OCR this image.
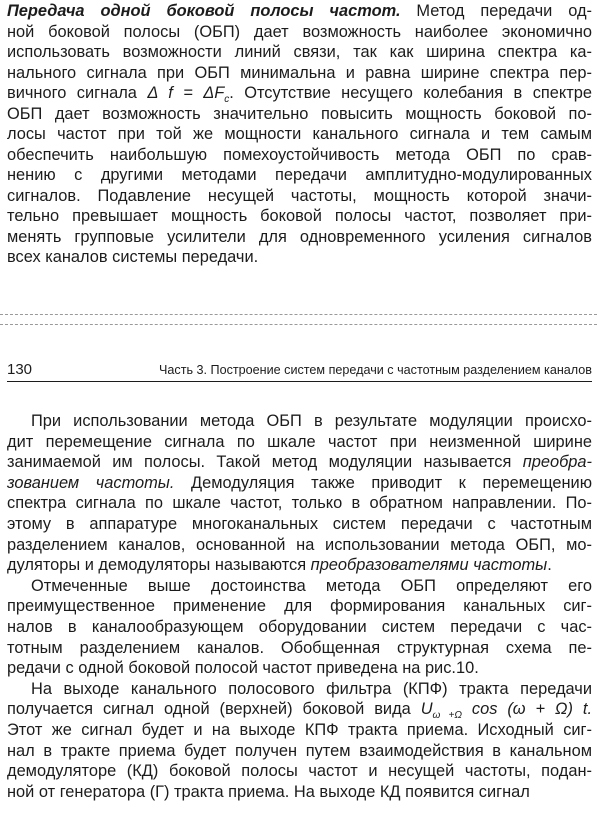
Передача одной боковой полосы частот. Метод передачи од-
ной боковой полосы (ОБП) дает возможность наиболее экономично
использовать возможности линий связи, так как ширина спектра ка-
нального сигнала при ОБП минимальна и равна ширине спектра пер-
вичного сигнала Δ $f = \Delta F_c$. Отсутствие несущего колебания в спектре
ОБП дает возможность значительно повысить мощность боковой по-
лосы частот при той же мощности канального сигнала и тем самым
обеспечить наибольшую помехоустойчивость метода ОБП по срав-
нению с другими методами передачи амплитудно-модулированных
сигналов. Подавление несущей частоты, мощность которой значи-
тельно превышает мощность боковой полосы частот, позволяет при-
менять групповые усилители для одновременного усиления сигналов
всех каналов системы передачи.
130	Часть 3. Построение систем передачи с частотным разделением каналов
При использовании метода ОБП в результате модуляции происхо-
дит перемещение сигнала по шкале частот при неизменной ширине
занимаемой им полосы. Такой метод модуляции называется преобра-
зованием частоты. Демодуляция также приводит к перемещению
спектра сигнала по шкале частот, только в обратном направлении. По-
этому в аппаратуре многоканальных систем передачи с частотным
разделением каналов, основанной на использовании метода ОБП, мо-
дуляторы и демодуляторы называются преобразователями частоты.
Отмеченные выше достоинства метода ОБП определяют его
преимущественное применение для формирования канальных сиг-
налов в каналообразующем оборудовании систем передачи с час-
тотным разделением каналов. Обобщенная структурная схема пе-
редачи с одной боковой полосой частот приведена на рис.10.
На выходе канального полосового фильтра (КПФ) тракта передачи
получается сигнал одной (верхней) боковой вида $U_{\omega +\Omega}$ cos (ω + Ω) t.
Этот же сигнал будет и на выходе КПФ тракта приема. Исходный сиг-
нал в тракте приема будет получен путем взаимодействия в канальном
демодуляторе (КД) боковой полосы частот и несущей частоты, подан-
ной от генератора (Г) тракта приема. На выходе КД появится сигнал
